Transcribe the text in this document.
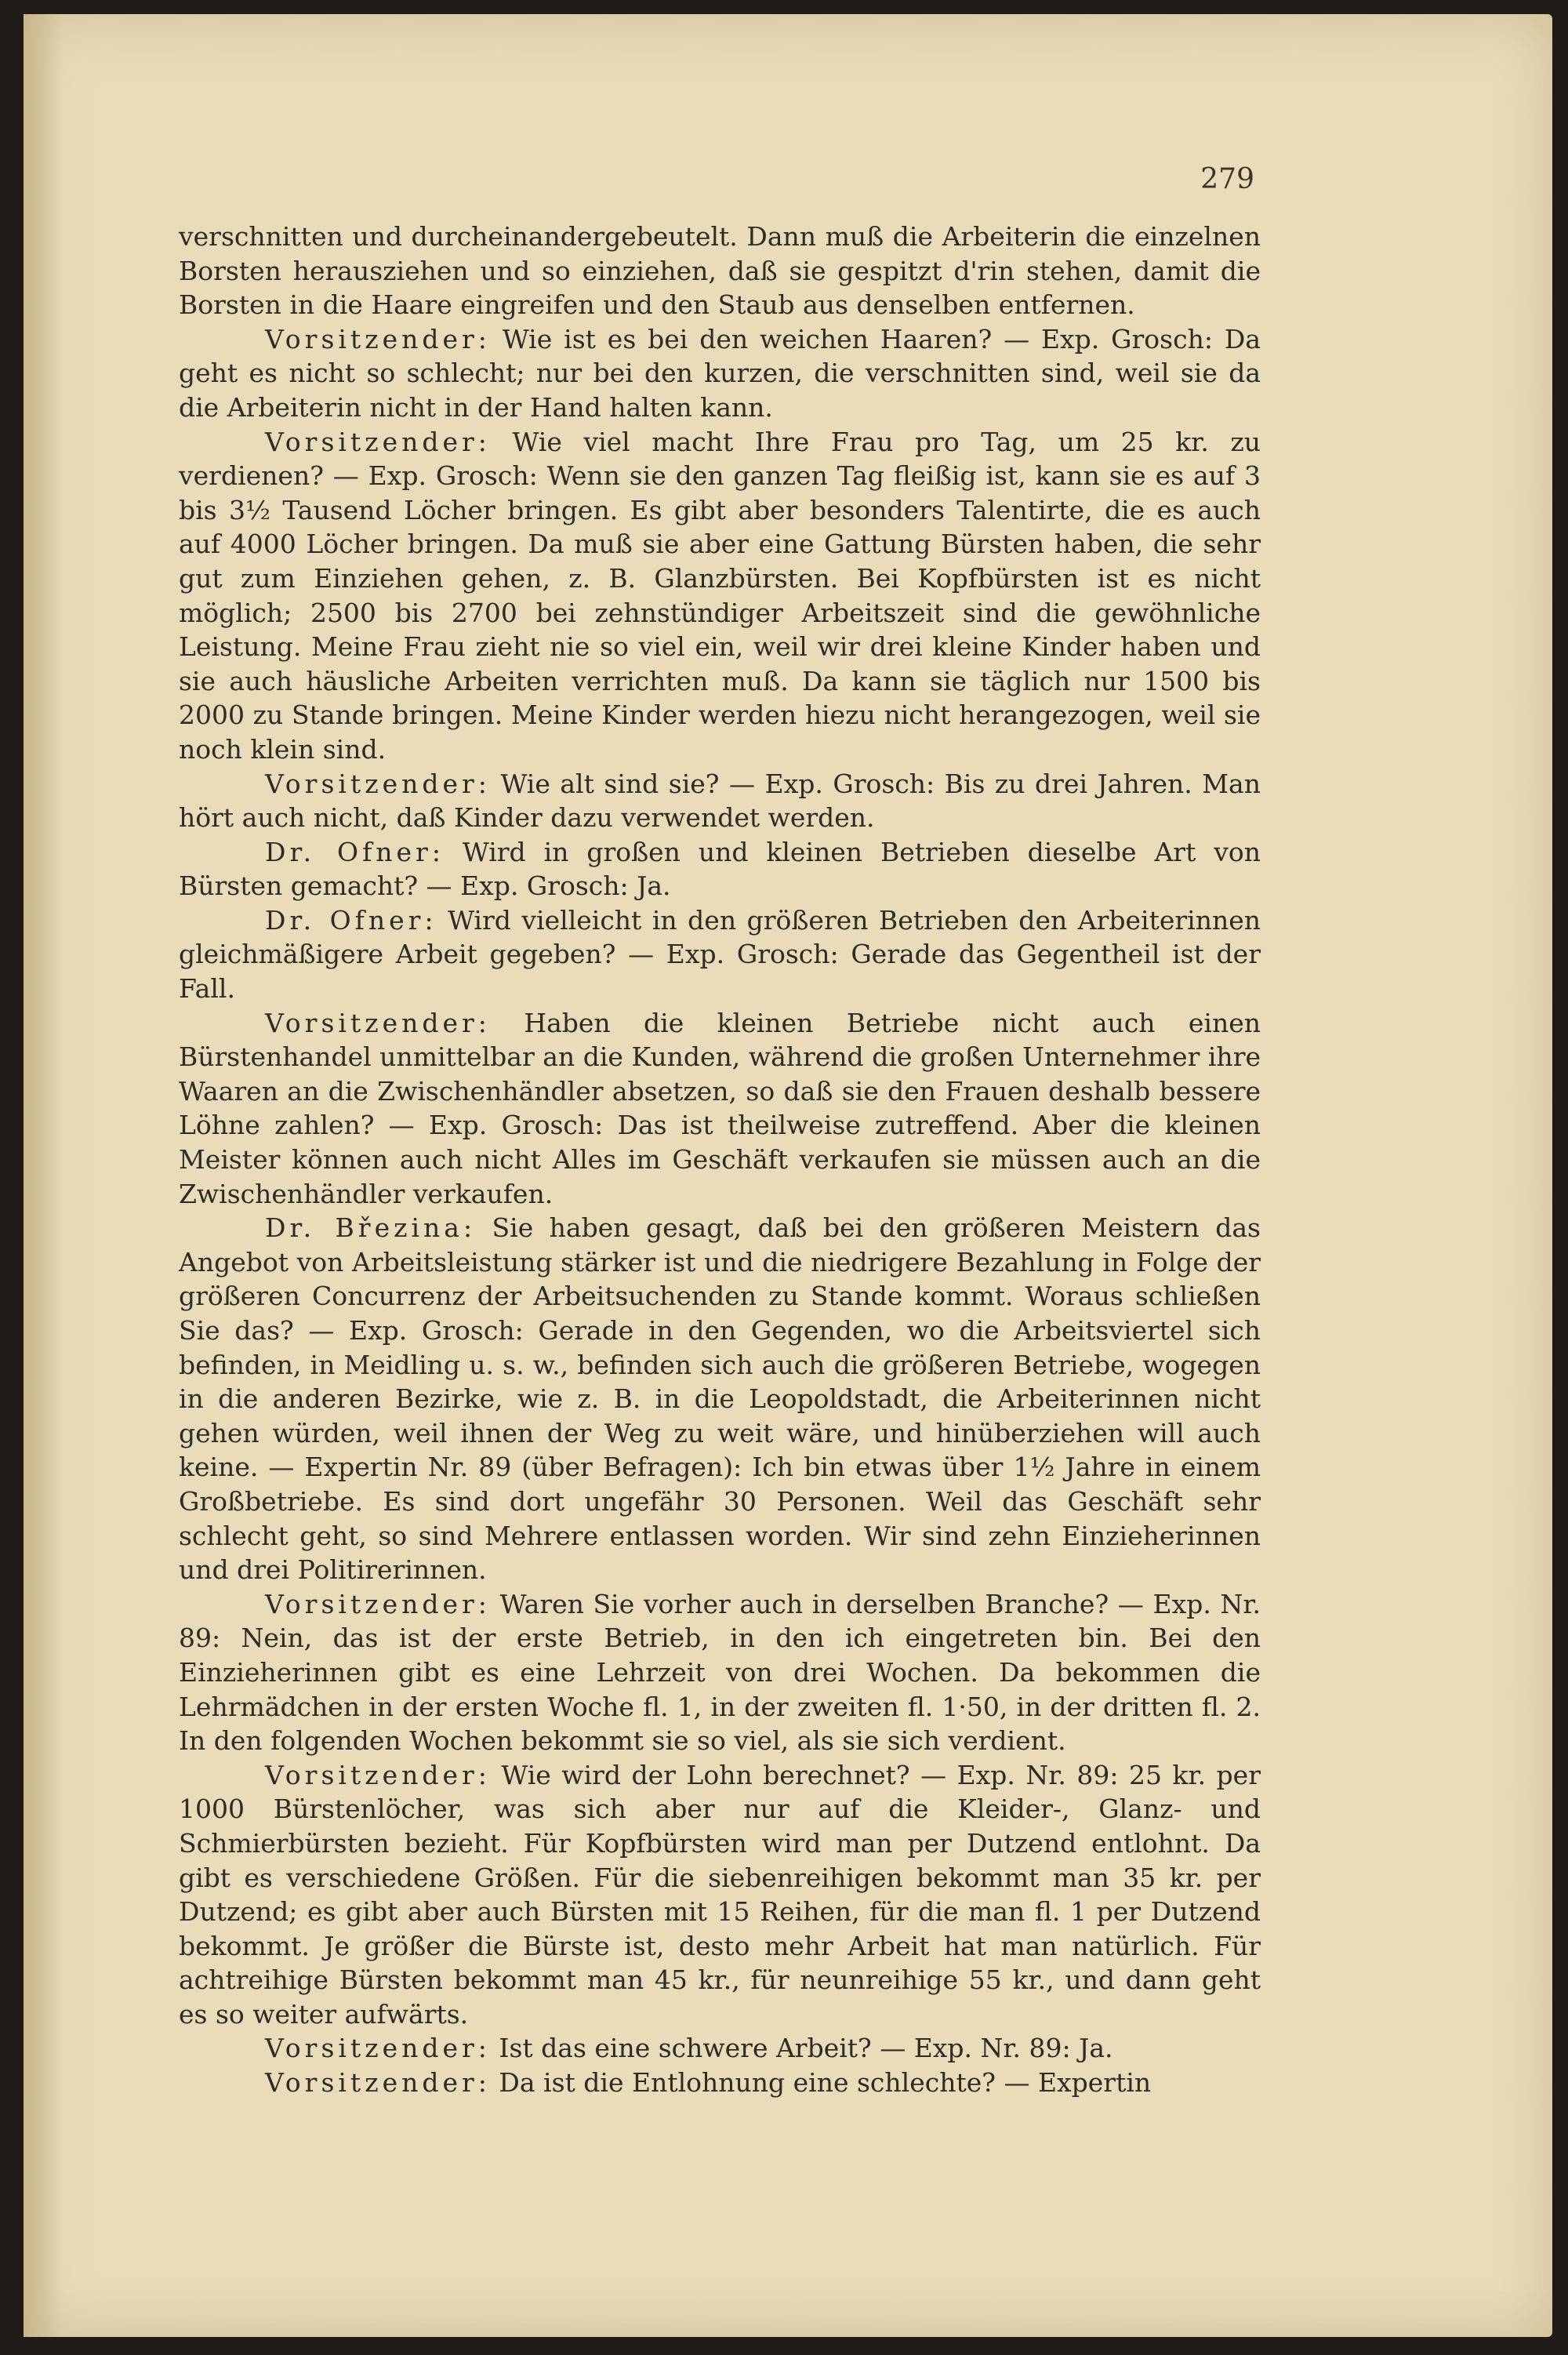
279

verschnitten und durcheinandergebeutelt. Dann muß die Arbeiterin die einzelnen Borsten herausziehen und so einziehen, daß sie gespitzt d'rin stehen, damit die Borsten in die Haare eingreifen und den Staub aus denselben entfernen.

Vorsitzender: Wie ist es bei den weichen Haaren? — Exp. Grosch: Da geht es nicht so schlecht; nur bei den kurzen, die verschnitten sind, weil sie da die Arbeiterin nicht in der Hand halten kann.

Vorsitzender: Wie viel macht Ihre Frau pro Tag, um 25 kr. zu verdienen? — Exp. Grosch: Wenn sie den ganzen Tag fleißig ist, kann sie es auf 3 bis 3½ Tausend Löcher bringen. Es gibt aber besonders Talentirte, die es auch auf 4000 Löcher bringen. Da muß sie aber eine Gattung Bürsten haben, die sehr gut zum Einziehen gehen, z. B. Glanzbürsten. Bei Kopfbürsten ist es nicht möglich; 2500 bis 2700 bei zehnstündiger Arbeitszeit sind die gewöhnliche Leistung. Meine Frau zieht nie so viel ein, weil wir drei kleine Kinder haben und sie auch häusliche Arbeiten verrichten muß. Da kann sie täglich nur 1500 bis 2000 zu Stande bringen. Meine Kinder werden hiezu nicht herangezogen, weil sie noch klein sind.

Vorsitzender: Wie alt sind sie? — Exp. Grosch: Bis zu drei Jahren. Man hört auch nicht, daß Kinder dazu verwendet werden.

Dr. Ofner: Wird in großen und kleinen Betrieben dieselbe Art von Bürsten gemacht? — Exp. Grosch: Ja.

Dr. Ofner: Wird vielleicht in den größeren Betrieben den Arbeiterinnen gleichmäßigere Arbeit gegeben? — Exp. Grosch: Gerade das Gegentheil ist der Fall.

Vorsitzender: Haben die kleinen Betriebe nicht auch einen Bürstenhandel unmittelbar an die Kunden, während die großen Unternehmer ihre Waaren an die Zwischenhändler absetzen, so daß sie den Frauen deshalb bessere Löhne zahlen? — Exp. Grosch: Das ist theilweise zutreffend. Aber die kleinen Meister können auch nicht Alles im Geschäft verkaufen sie müssen auch an die Zwischenhändler verkaufen.

Dr. Březina: Sie haben gesagt, daß bei den größeren Meistern das Angebot von Arbeitsleistung stärker ist und die niedrigere Bezahlung in Folge der größeren Concurrenz der Arbeitsuchenden zu Stande kommt. Woraus schließen Sie das? — Exp. Grosch: Gerade in den Gegenden, wo die Arbeitsviertel sich befinden, in Meidling u. s. w., befinden sich auch die größeren Betriebe, wogegen in die anderen Bezirke, wie z. B. in die Leopoldstadt, die Arbeiterinnen nicht gehen würden, weil ihnen der Weg zu weit wäre, und hinüberziehen will auch keine. — Expertin Nr. 89 (über Befragen): Ich bin etwas über 1½ Jahre in einem Großbetriebe. Es sind dort ungefähr 30 Personen. Weil das Geschäft sehr schlecht geht, so sind Mehrere entlassen worden. Wir sind zehn Einzieherinnen und drei Politirerinnen.

Vorsitzender: Waren Sie vorher auch in derselben Branche? — Exp. Nr. 89: Nein, das ist der erste Betrieb, in den ich eingetreten bin. Bei den Einzieherinnen gibt es eine Lehrzeit von drei Wochen. Da bekommen die Lehrmädchen in der ersten Woche fl. 1, in der zweiten fl. 1·50, in der dritten fl. 2. In den folgenden Wochen bekommt sie so viel, als sie sich verdient.

Vorsitzender: Wie wird der Lohn berechnet? — Exp. Nr. 89: 25 kr. per 1000 Bürstenlöcher, was sich aber nur auf die Kleider-, Glanz- und Schmierbürsten bezieht. Für Kopfbürsten wird man per Dutzend entlohnt. Da gibt es verschiedene Größen. Für die siebenreihigen bekommt man 35 kr. per Dutzend; es gibt aber auch Bürsten mit 15 Reihen, für die man fl. 1 per Dutzend bekommt. Je größer die Bürste ist, desto mehr Arbeit hat man natürlich. Für achtreihige Bürsten bekommt man 45 kr., für neunreihige 55 kr., und dann geht es so weiter aufwärts.

Vorsitzender: Ist das eine schwere Arbeit? — Exp. Nr. 89: Ja.

Vorsitzender: Da ist die Entlohnung eine schlechte? — Expertin
